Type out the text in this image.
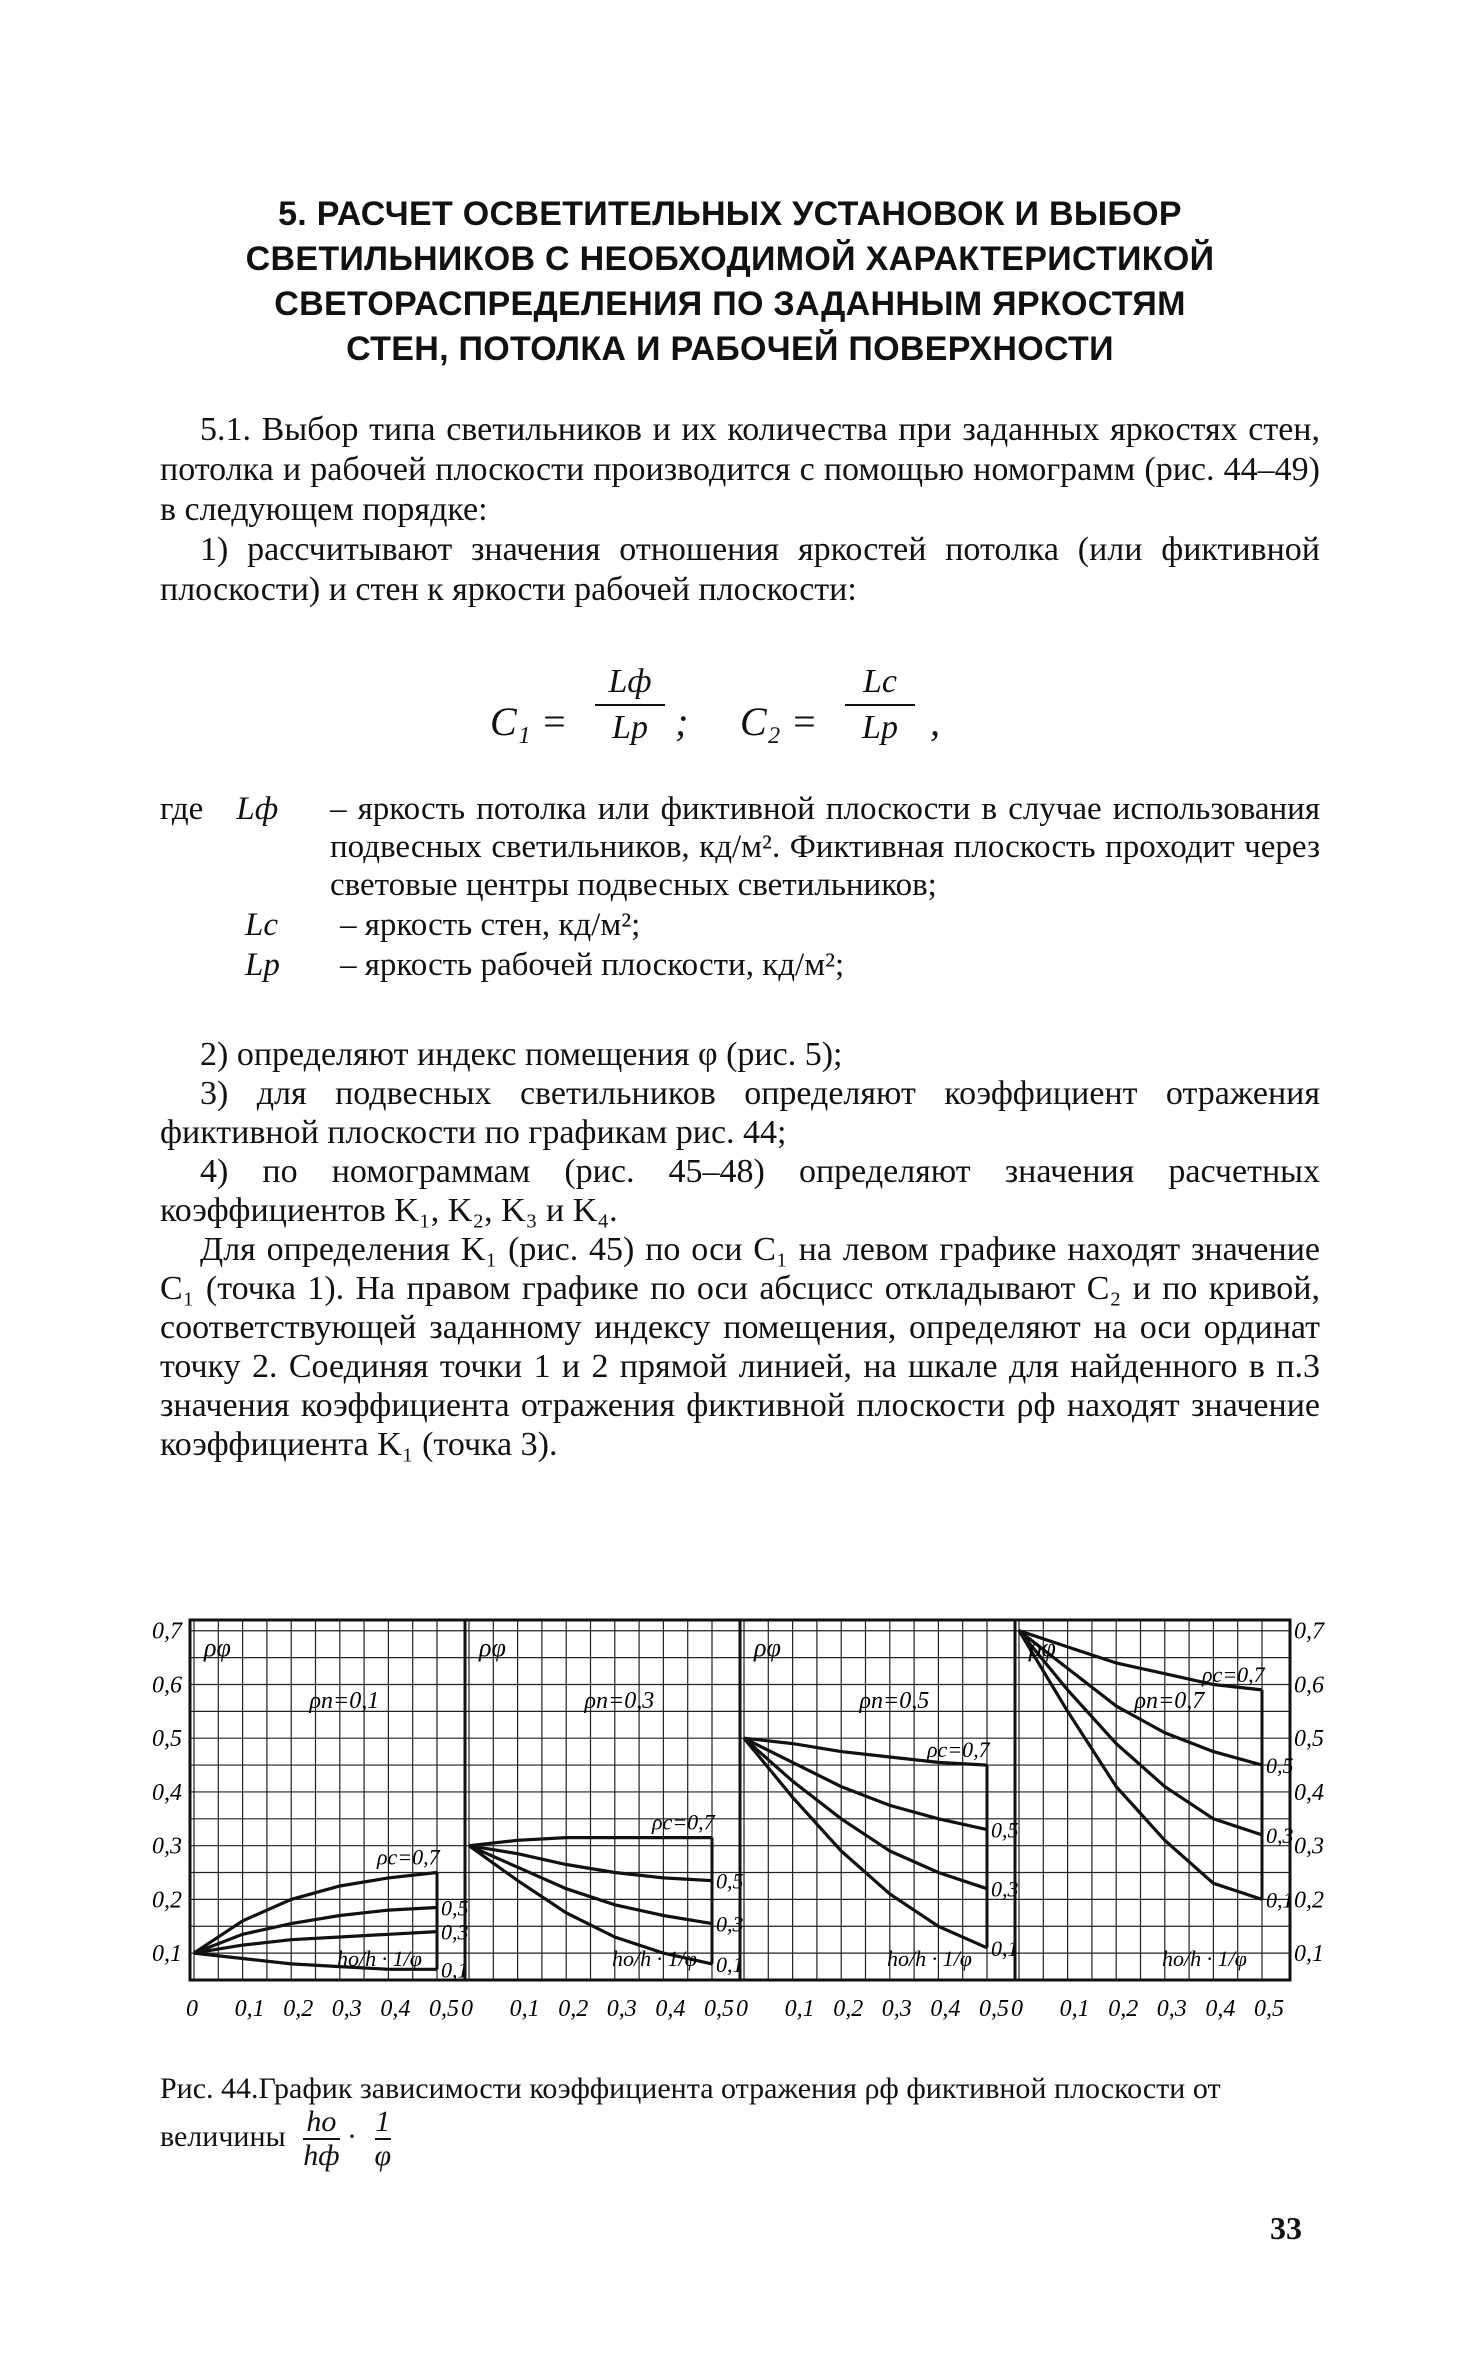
5. РАСЧЕТ ОСВЕТИТЕЛЬНЫХ УСТАНОВОК И ВЫБОР
СВЕТИЛЬНИКОВ С НЕОБХОДИМОЙ ХАРАКТЕРИСТИКОЙ
СВЕТОРАСПРЕДЕЛЕНИЯ ПО ЗАДАННЫМ ЯРКОСТЯМ
СТЕН, ПОТОЛКА И РАБОЧЕЙ ПОВЕРХНОСТИ

5.1. Выбор типа светильников и их количества при заданных яркостях стен, потолка и рабочей плоскости производится с помощью номограмм (рис. 44–49) в следующем порядке:

1) рассчитывают значения отношения яркостей потолка (или фиктивной плоскости) и стен к яркости рабочей плоскости:

C₁ =
Lф
Lр ; C₂ =
Lс
Lр ,
где Lф	– яркость потолка или фиктивной плоскости в случае использования подвесных светильников, кд/м². Фиктивная плоскость проходит через световые центры подвесных светильников;
Lс	– яркость стен, кд/м²;
Lр	– яркость рабочей плоскости, кд/м²;

2) определяют индекс помещения φ (рис. 5);

3) для подвесных светильников определяют коэффициент отражения фиктивной плоскости по графикам рис. 44;

4) по номограммам (рис. 45–48) определяют значения расчетных коэффициентов K₁, K₂, K₃ и K₄.

Для определения K₁ (рис. 45) по оси C₁ на левом графике находят значение C₁ (точка 1). На правом графике по оси абсцисс откладывают C₂ и по кривой, соответствующей заданному индексу помещения, определяют на оси ординат точку 2. Соединяя точки 1 и 2 прямой линией, на шкале для найденного в п.3 значения коэффициента отражения фиктивной плоскости ρф находят значение коэффициента K₁ (точка 3).

ρφ
ρп=0,1
ρс=0,7
0,5
0,3
0,1
hо/h · 1/φ
0 0,1 0,2 0,3 0,4 0,5
ρφ
ρп=0,3
ρс=0,7
0,5
0,3
0,1
hо/h · 1/φ
0 0,1 0,2 0,3 0,4 0,5
ρφ
ρп=0,5
ρс=0,7
0,5
0,3
0,1
hо/h · 1/φ
0 0,1 0,2 0,3 0,4 0,5
ρφ
ρп=0,7
ρс=0,7
0,5
0,3
0,1
hо/h · 1/φ
0 0,1 0,2 0,3 0,4 0,5
0,7	0,7
0,6	0,6
0,5	0,5
0,4	0,4
0,3	0,3
0,2	0,2
0,1	0,1
Рис. 44.График зависимости коэффициента отражения ρф фиктивной плоскости от величины $\frac{hо}{hф} \cdot \frac{1}{\varphi}$
33
